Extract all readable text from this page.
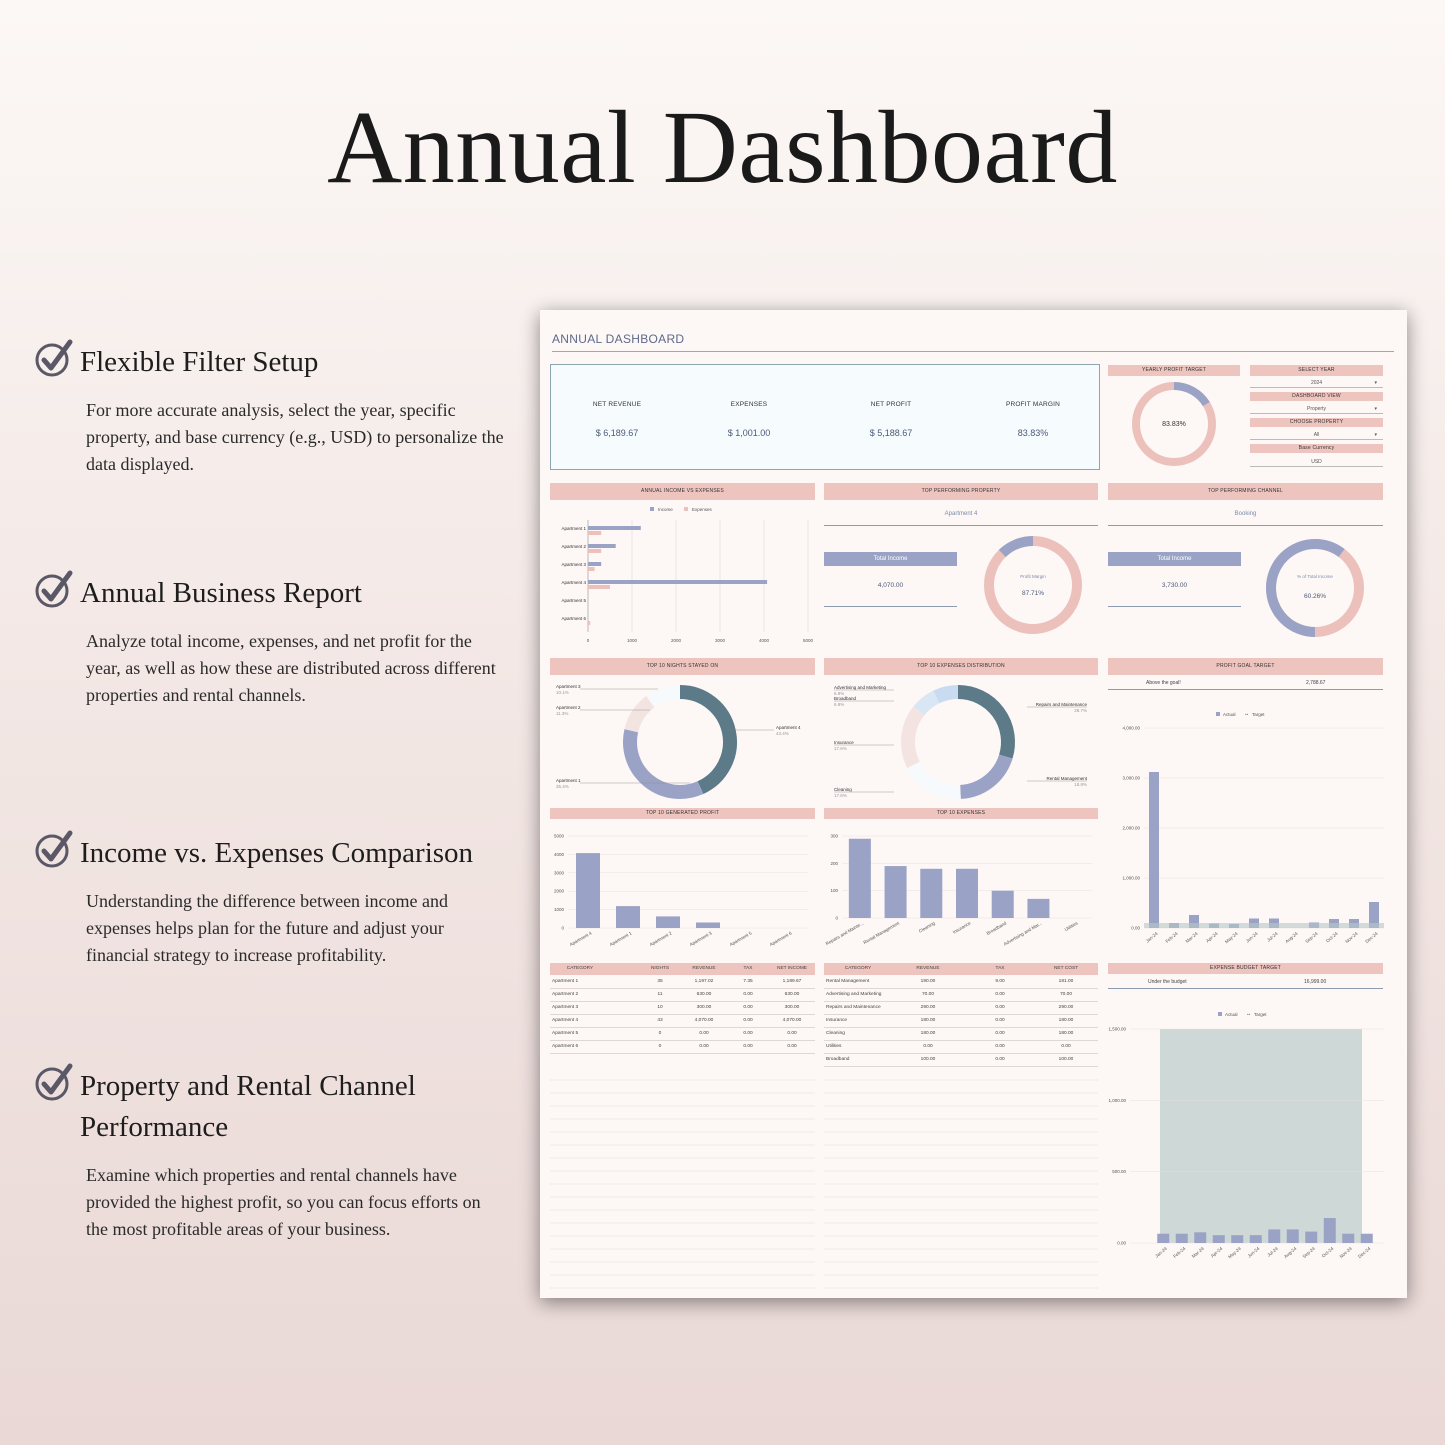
Annual Dashboard
Flexible Filter Setup

For more accurate analysis, select the year, specific property, and base currency (e.g., USD) to personalize the data displayed.

Annual Business Report

Analyze total income, expenses, and net profit for the year, as well as how these are distributed across different properties and rental channels.

Income vs. Expenses Comparison

Understanding the difference between income and expenses helps plan for the future and adjust your financial strategy to increase profitability.

Property and Rental Channel Performance

Examine which properties and rental channels have provided the highest profit, so you can focus efforts on the most profitable areas of your business.

ANNUAL DASHBOARD
NET REVENUE
$ 6,189.67
EXPENSES
$ 1,001.00
NET PROFIT
$ 5,188.67
PROFIT MARGIN
83.83%
YEARLY PROFIT TARGET
83.83%
SELECT YEAR
2024	▾
DASHBOARD VIEW
Property	▾
CHOOSE PROPERTY
All	▾
Base Currency
USD
ANNUAL INCOME VS EXPENSES	TOP PERFORMING PROPERTY	TOP PERFORMING CHANNEL
Income	Expenses
0	1000	2000	3000	4000	5000
Apartment 1
Apartment 2
Apartment 3
Apartment 4
Apartment 5
Apartment 6
Apartment 4
Total Income
4,070.00
Profit Margin
87.71%
Booking
Total Income
3,730.00
% of Total Income
60.26%
TOP 10 NIGHTS STAYED ON	TOP 10 EXPENSES DISTRIBUTION	PROFIT GOAL TARGET
Apartment 3
10.1%
Apartment 2
11.3%
Apartment 4
43.4%
Apartment 1
35.4%
Advertising and Marketing
6.9%
Broadband
6.9%	Repairs and Maintenance
28.7%
Insurance
17.6%
Rental Management
18.8%
Cleaning
17.6%
Above the goal!	2,788.67
4,000.00
3,000.00
2,000.00
1,000.00
0.00
Jan-24 Feb-24 Mar-24 Apr-24 May-24 Jun-24 Jul-24 Aug-24 Sep-24 Oct-24 Nov-24 Dec-24
Actual •• Target
TOP 10 GENERATED PROFIT	TOP 10 EXPENSES
5000
4000
3000
2000
1000
0
Apartment 4	Apartment 1	Apartment 2	Apartment 3	Apartment 5	Apartment 6
300
200
100
0
Repairs and Mainte...
Rental Management	Cleaning	Insurance	Broadband
Advertising and Mar...	Utilities
CATEGORY	NIGHTS	REVENUE	TAX	NET INCOME
Apartment 1	35	1,197.02	7.35	1,189.67
Apartment 2	11	630.00	0.00	630.00
Apartment 3	10	300.00	0.00	300.00
Apartment 4	43	4,070.00	0.00	4,070.00
Apartment 5	0	0.00	0.00	0.00
Apartment 6	0	0.00	0.00	0.00
CATEGORY	REVENUE	TAX	NET COST
Rental Management	190.00	9.00	181.00
Advertising and Marketing	70.00	0.00	70.00
Repairs and Maintenance	290.00	0.00	290.00
Insurance	180.00	0.00	180.00
Cleaning	180.00	0.00	180.00
Utilities	0.00	0.00	0.00
Broadband	100.00	0.00	100.00
EXPENSE BUDGET TARGET
Under the budget	16,999.00
1,500.00
1,000.00
500.00
0.00
Jan-24 Feb-24 Mar-24 Apr-24 May-24 Jun-24 Jul-24 Aug-24 Sep-24 Oct-24 Nov-24 Dec-24
Actual •• Target
